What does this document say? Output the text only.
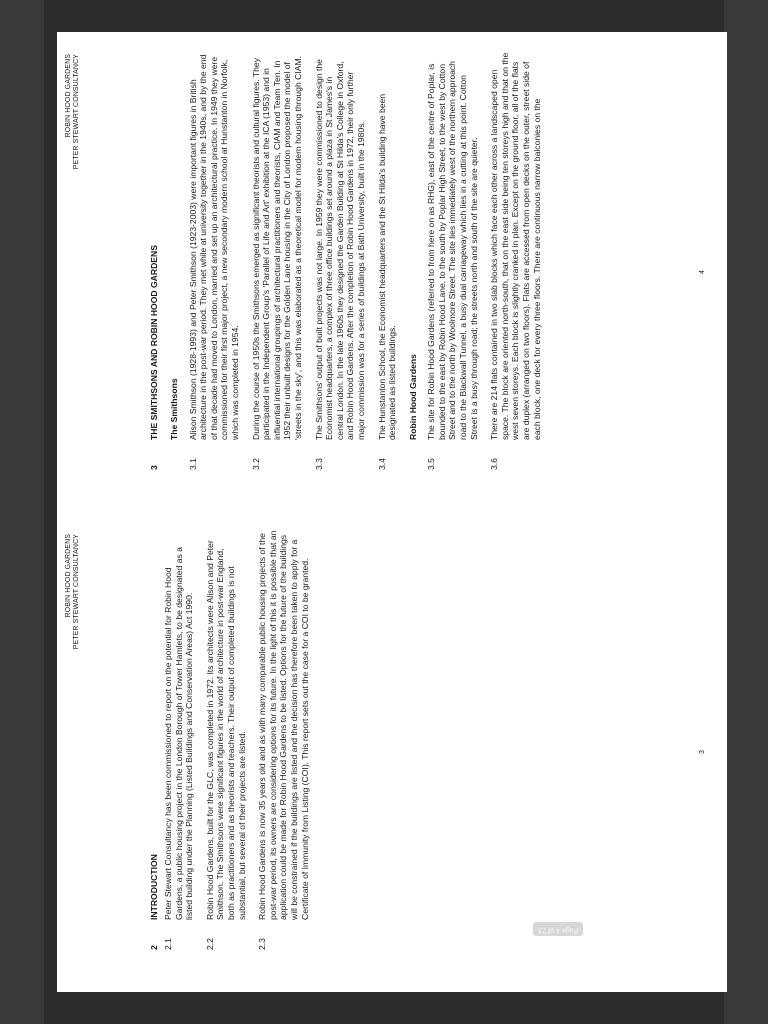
ROBIN HOOD GARDENS PETER STEWART CONSULTANCY
2
INTRODUCTION
2.1
Peter Stewart Consultancy has been commissioned to report on the potential for Robin Hood Gardens, a public housing project in the London Borough of Tower Hamlets, to be designated as a listed building under the Planning (Listed Buildings and Conservation Areas) Act 1990.
2.2
Robin Hood Gardens, built for the GLC, was completed in 1972. Its architects were Alison and Peter Smithson. The Smithsons were significant figures in the world of architecture in post-war England, both as practitioners and as theorists and teachers. Their output of completed buildings is not substantial, but several of their projects are listed.
2.3
Robin Hood Gardens is now 35 years old and as with many comparable public housing projects of the post-war period, its owners are considering options for its future. In the light of this it is possible that an application could be made for Robin Hood Gardens to be listed. Options for the future of the buildings will be constrained if the buildings are listed and the decision has therefore been taken to apply for a Certificate of Immunity from Listing (COI). This report sets out the case for a COI to be granted.	3
ROBIN HOOD GARDENS PETER STEWART CONSULTANCY
3
THE SMITHSONS AND ROBIN HOOD GARDENS The Smithsons
3.1
Alison Smithson (1928-1993) and Peter Smithson (1923-2003) were important figures in British architecture in the post-war period. They met while at university together in the 1940s, and by the end of that decade had moved to London, married and set up an architectural practice. In 1949 they were commissioned for their first major project, a new secondary modern school at Hunstanton in Norfolk, which was completed in 1954.
3.2
During the course of 1950s the Smithsons emerged as significant theorists and cultural figures. They participated in the Independent Group's 'Parallel of Life and Art' exhibition at the ICA (1953) and in influential international groupings of architectural practitioners and theorists, CIAM and Team Ten. In 1952 their unbuilt designs for the Golden Lane housing in the City of London proposed the model of 'streets in the sky', and this was elaborated as a theoretical model for modern housing through CIAM.
3.3
The Smithsons' output of built projects was not large. In 1959 they were commissioned to design the Economist headquarters, a complex of three office buildings set around a plaza in St James's in central London. In the late 1960s they designed the Garden Building at St Hilda's College in Oxford, and Robin Hood Gardens. After the completion of Robin Hood Gardens in 1972, their only further major commission was for a series of buildings at Bath University, built in the 1980s.
3.4
The Hunstanton School, the Economist headquarters and the St Hilda's building have been designated as listed buildings. Robin Hood Gardens
3.5
The site for Robin Hood Gardens (referred to from here on as RHG), east of the centre of Poplar, is bounded to the east by Robin Hood Lane, to the south by Poplar High Street, to the west by Cotton Street and to the north by Woolmore Street. The site lies immediately west of the northern approach road to the Blackwall Tunnel, a busy dual carriageway which lies in a cutting at this point. Cotton Street is a busy through road; the streets north and south of the site are quieter.
3.6
There are 214 flats contained in two slab blocks which face each other across a landscaped open space. The block are oriented north-south, that on the east side being ten storeys high and that on the west seven storeys. Each block is slightly cranked in plan. Except on the ground floor, all of the flats are duplex (arranged on two floors). Flats are accessed from open decks on the outer, street side of each block, one deck for every three floors. There are continuous narrow balconies on the	4
Page 4 of 23
